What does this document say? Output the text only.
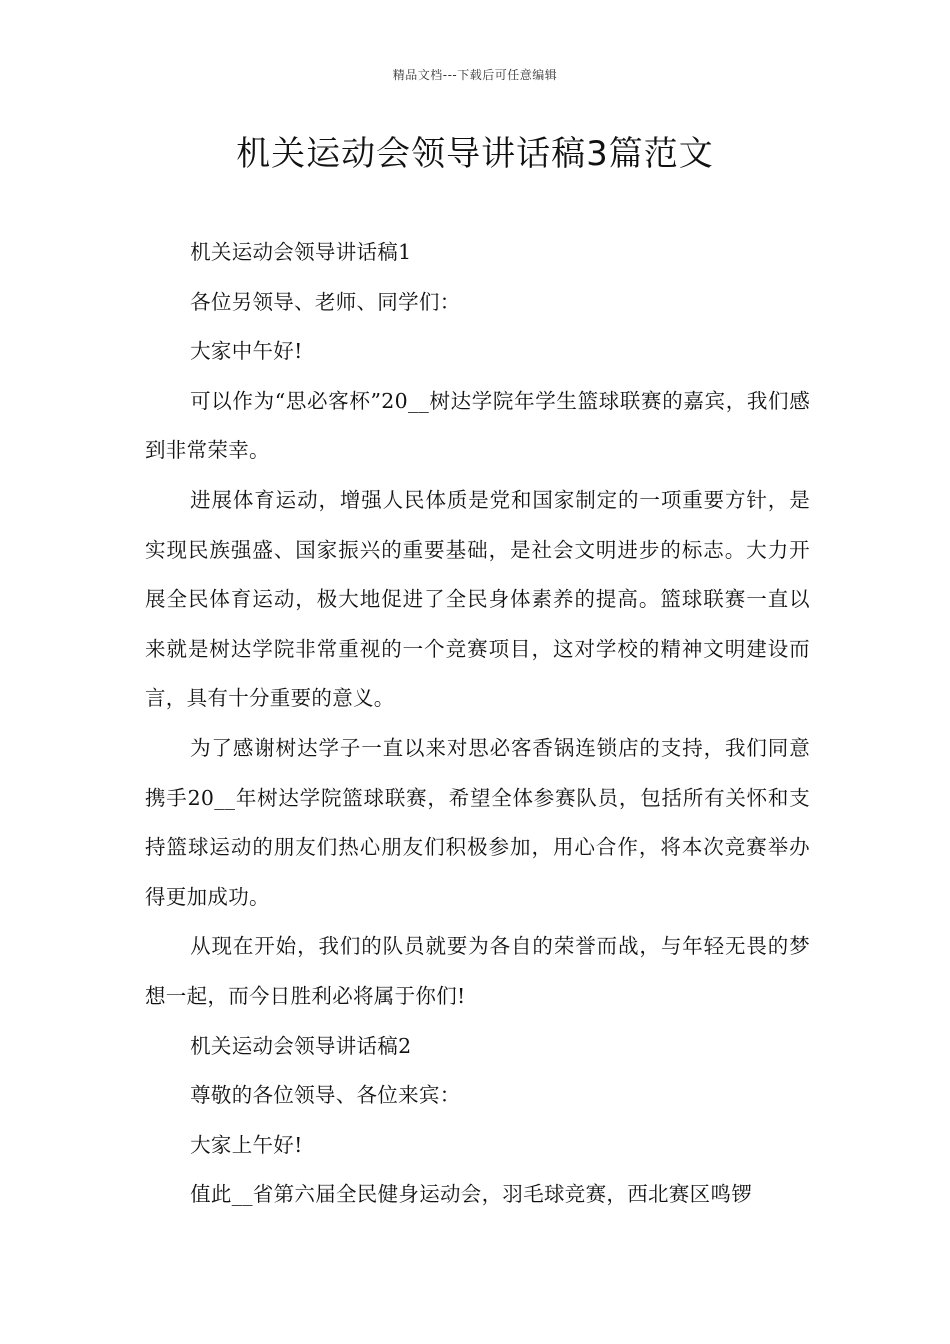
精品文档---下载后可任意编辑
机关运动会领导讲话稿3篇范文

机关运动会领导讲话稿1

各位另领导、老师、同学们：

大家中午好!

可以作为“思必客杯”20__树达学院年学生篮球联赛的嘉宾，我们感到非常荣幸。

进展体育运动，增强人民体质是党和国家制定的一项重要方针，是实现民族强盛、国家振兴的重要基础，是社会文明进步的标志。大力开展全民体育运动，极大地促进了全民身体素养的提高。篮球联赛一直以来就是树达学院非常重视的一个竞赛项目，这对学校的精神文明建设而言，具有十分重要的意义。

为了感谢树达学子一直以来对思必客香锅连锁店的支持，我们同意携手20__年树达学院篮球联赛，希望全体参赛队员，包括所有关怀和支持篮球运动的朋友们热心朋友们积极参加，用心合作，将本次竞赛举办得更加成功。

从现在开始，我们的队员就要为各自的荣誉而战，与年轻无畏的梦想一起，而今日胜利必将属于你们!

机关运动会领导讲话稿2

尊敬的各位领导、各位来宾：

大家上午好!

值此__省第六届全民健身运动会，羽毛球竞赛，西北赛区鸣锣
